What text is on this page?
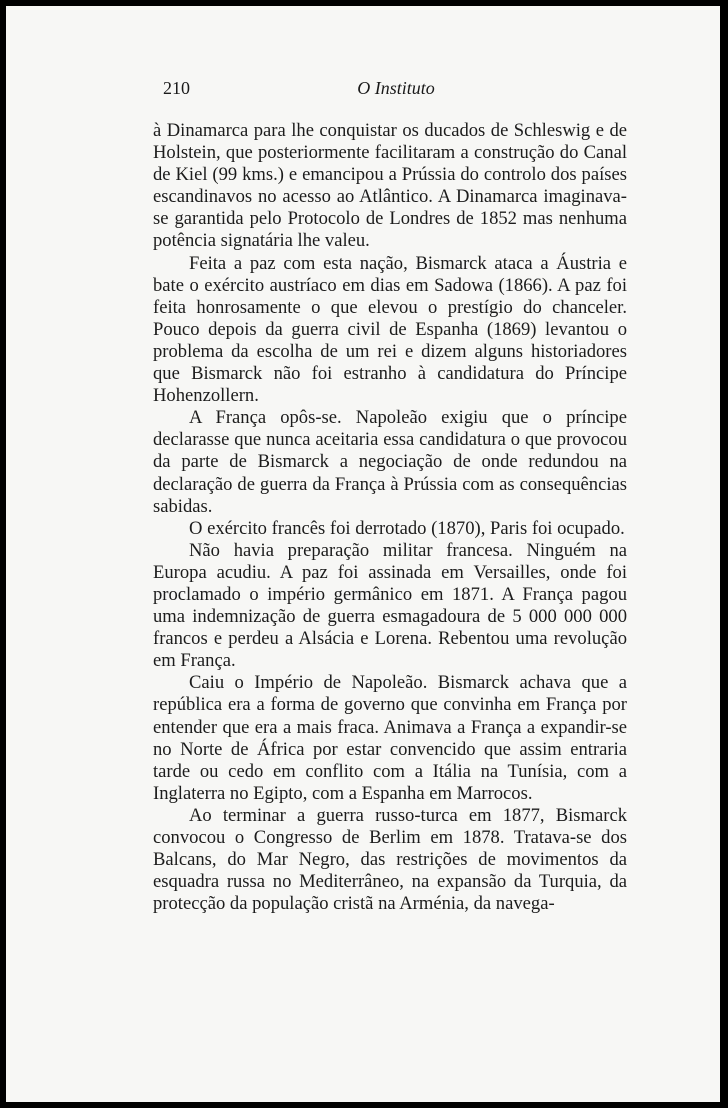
210	O Instituto

à Dinamarca para lhe conquistar os ducados de Schleswig e de Holstein, que posteriormente facilitaram a construção do Canal de Kiel (99 kms.) e emancipou a Prússia do controlo dos países escandinavos no acesso ao Atlântico. A Dinamarca imaginava-se garantida pelo Protocolo de Londres de 1852 mas nenhuma potência signatária lhe valeu.

Feita a paz com esta nação, Bismarck ataca a Áustria e bate o exército austríaco em dias em Sadowa (1866). A paz foi feita honrosamente o que elevou o prestígio do chanceler. Pouco depois da guerra civil de Espanha (1869) levantou o problema da escolha de um rei e dizem alguns historiadores que Bismarck não foi estranho à candidatura do Príncipe Hohenzollern.

A França opôs-se. Napoleão exigiu que o príncipe declarasse que nunca aceitaria essa candidatura o que provocou da parte de Bismarck a negociação de onde redundou na declaração de guerra da França à Prússia com as consequências sabidas.

O exército francês foi derrotado (1870), Paris foi ocupado.

Não havia preparação militar francesa. Ninguém na Europa acudiu. A paz foi assinada em Versailles, onde foi proclamado o império germânico em 1871. A França pagou uma indemnização de guerra esmagadoura de 5 000 000 000 francos e perdeu a Alsácia e Lorena. Rebentou uma revolução em França.

Caiu o Império de Napoleão. Bismarck achava que a república era a forma de governo que convinha em França por entender que era a mais fraca. Animava a França a expandir-se no Norte de África por estar convencido que assim entraria tarde ou cedo em conflito com a Itália na Tunísia, com a Inglaterra no Egipto, com a Espanha em Marrocos.

Ao terminar a guerra russo-turca em 1877, Bismarck convocou o Congresso de Berlim em 1878. Tratava-se dos Balcans, do Mar Negro, das restrições de movimentos da esquadra russa no Mediterrâneo, na expansão da Turquia, da protecção da população cristã na Arménia, da navega-
